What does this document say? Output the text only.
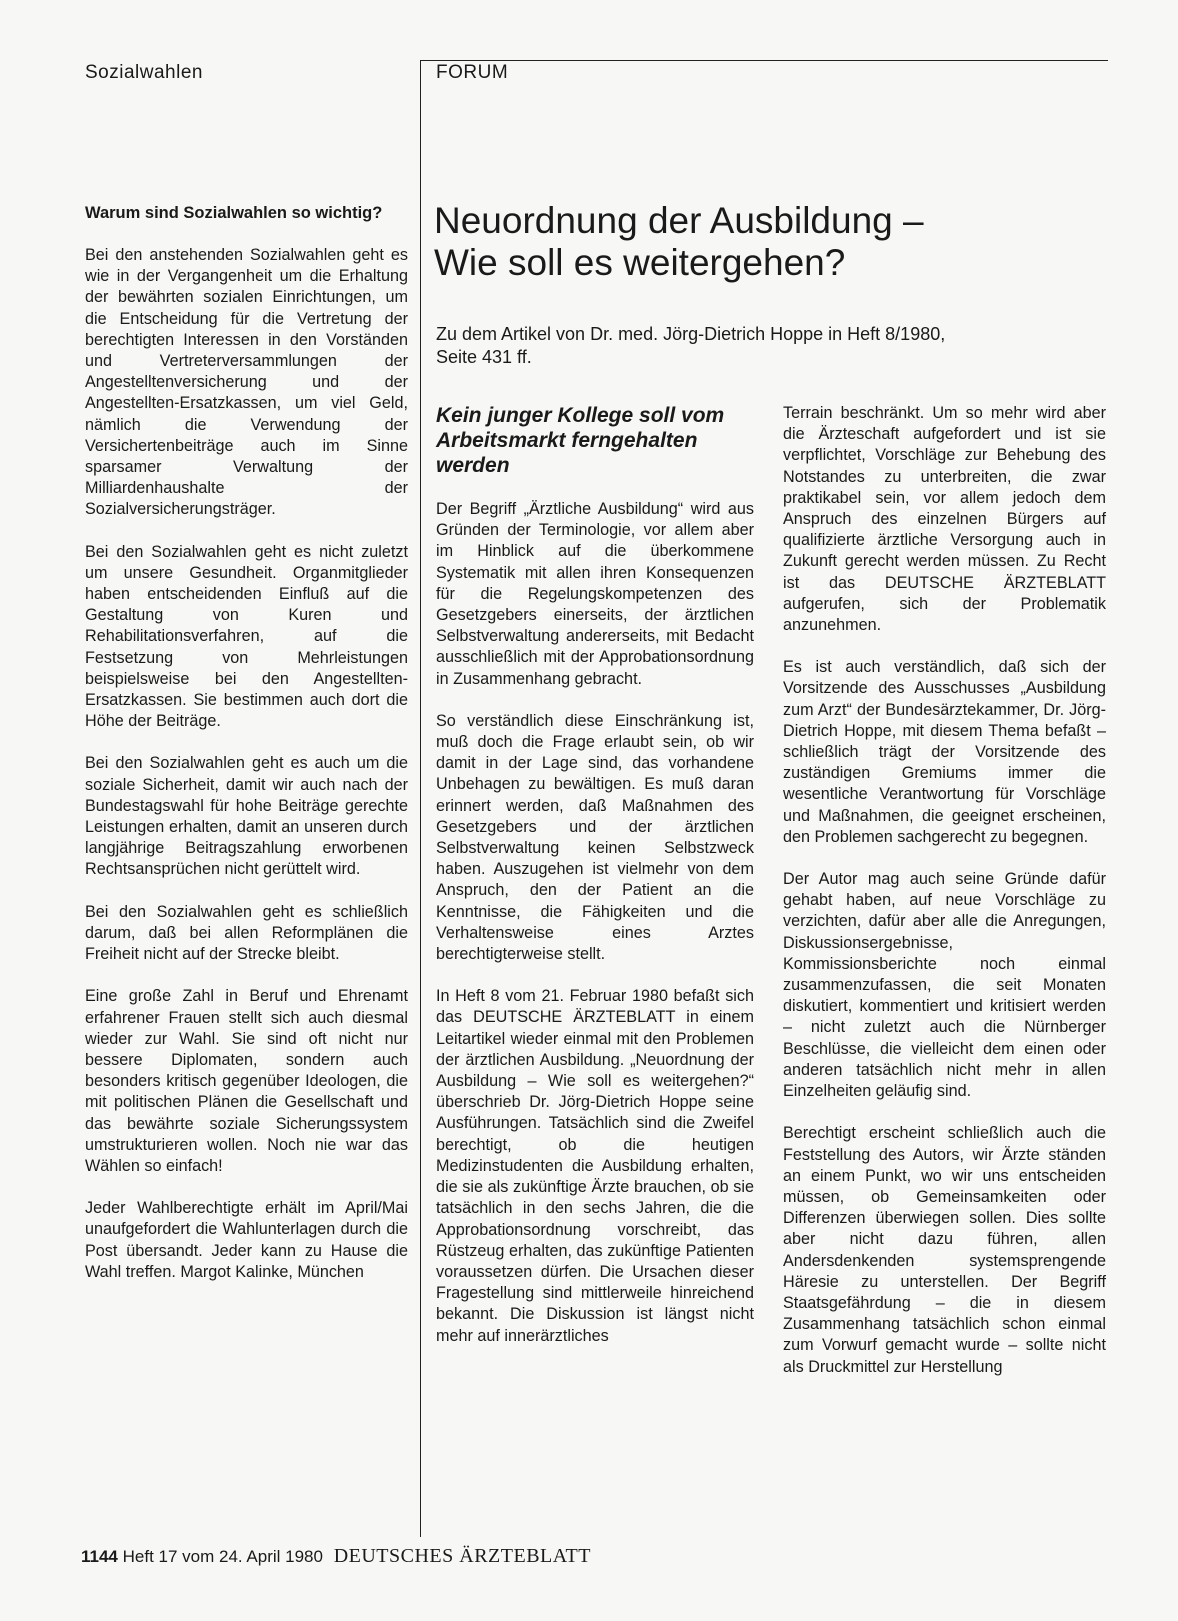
Sozialwahlen	FORUM

Warum sind Sozialwahlen so wichtig?

Bei den anstehenden Sozialwahlen geht es wie in der Vergangenheit um die Erhaltung der bewährten sozialen Einrichtungen, um die Entscheidung für die Vertretung der berechtigten Interessen in den Vorständen und Vertreterversammlungen der Angestelltenversicherung und der Angestellten-Ersatzkassen, um viel Geld, nämlich die Verwendung der Versichertenbeiträge auch im Sinne sparsamer Verwaltung der Milliardenhaushalte der Sozialversicherungsträger.

Bei den Sozialwahlen geht es nicht zuletzt um unsere Gesundheit. Organmitglieder haben entscheidenden Einfluß auf die Gestaltung von Kuren und Rehabilitationsverfahren, auf die Festsetzung von Mehrleistungen beispielsweise bei den Angestellten-Ersatzkassen. Sie bestimmen auch dort die Höhe der Beiträge.

Bei den Sozialwahlen geht es auch um die soziale Sicherheit, damit wir auch nach der Bundestagswahl für hohe Beiträge gerechte Leistungen erhalten, damit an unseren durch langjährige Beitragszahlung erworbenen Rechtsansprüchen nicht gerüttelt wird.

Bei den Sozialwahlen geht es schließlich darum, daß bei allen Reformplänen die Freiheit nicht auf der Strecke bleibt.

Eine große Zahl in Beruf und Ehrenamt erfahrener Frauen stellt sich auch diesmal wieder zur Wahl. Sie sind oft nicht nur bessere Diplomaten, sondern auch besonders kritisch gegenüber Ideologen, die mit politischen Plänen die Gesellschaft und das bewährte soziale Sicherungssystem umstrukturieren wollen. Noch nie war das Wählen so einfach!

Jeder Wahlberechtigte erhält im April/Mai unaufgefordert die Wahlunterlagen durch die Post übersandt. Jeder kann zu Hause die Wahl treffen. Margot Kalinke, München

Neuordnung der Ausbildung –
Wie soll es weitergehen?

Zu dem Artikel von Dr. med. Jörg-Dietrich Hoppe in Heft 8/1980,
Seite 431 ff.

Kein junger Kollege soll vom Arbeitsmarkt ferngehalten werden

Der Begriff „Ärztliche Ausbildung“ wird aus Gründen der Terminologie, vor allem aber im Hinblick auf die überkommene Systematik mit allen ihren Konsequenzen für die Regelungskompetenzen des Gesetzgebers einerseits, der ärztlichen Selbstverwaltung andererseits, mit Bedacht ausschließlich mit der Approbationsordnung in Zusammenhang gebracht.

So verständlich diese Einschränkung ist, muß doch die Frage erlaubt sein, ob wir damit in der Lage sind, das vorhandene Unbehagen zu bewältigen. Es muß daran erinnert werden, daß Maßnahmen des Gesetzgebers und der ärztlichen Selbstverwaltung keinen Selbstzweck haben. Auszugehen ist vielmehr von dem Anspruch, den der Patient an die Kenntnisse, die Fähigkeiten und die Verhaltensweise eines Arztes berechtigterweise stellt.

In Heft 8 vom 21. Februar 1980 befaßt sich das DEUTSCHE ÄRZTEBLATT in einem Leitartikel wieder einmal mit den Problemen der ärztlichen Ausbildung. „Neuordnung der Ausbildung – Wie soll es weitergehen?“ überschrieb Dr. Jörg-Dietrich Hoppe seine Ausführungen. Tatsächlich sind die Zweifel berechtigt, ob die heutigen Medizinstudenten die Ausbildung erhalten, die sie als zukünftige Ärzte brauchen, ob sie tatsächlich in den sechs Jahren, die die Approbationsordnung vorschreibt, das Rüstzeug erhalten, das zukünftige Patienten voraussetzen dürfen. Die Ursachen dieser Fragestellung sind mittlerweile hinreichend bekannt. Die Diskussion ist längst nicht mehr auf innerärztliches

Terrain beschränkt. Um so mehr wird aber die Ärzteschaft aufgefordert und ist sie verpflichtet, Vorschläge zur Behebung des Notstandes zu unterbreiten, die zwar praktikabel sein, vor allem jedoch dem Anspruch des einzelnen Bürgers auf qualifizierte ärztliche Versorgung auch in Zukunft gerecht werden müssen. Zu Recht ist das DEUTSCHE ÄRZTEBLATT aufgerufen, sich der Problematik anzunehmen.

Es ist auch verständlich, daß sich der Vorsitzende des Ausschusses „Ausbildung zum Arzt“ der Bundesärztekammer, Dr. Jörg-Dietrich Hoppe, mit diesem Thema befaßt – schließlich trägt der Vorsitzende des zuständigen Gremiums immer die wesentliche Verantwortung für Vorschläge und Maßnahmen, die geeignet erscheinen, den Problemen sachgerecht zu begegnen.

Der Autor mag auch seine Gründe dafür gehabt haben, auf neue Vorschläge zu verzichten, dafür aber alle die Anregungen, Diskussionsergebnisse, Kommissionsberichte noch einmal zusammenzufassen, die seit Monaten diskutiert, kommentiert und kritisiert werden – nicht zuletzt auch die Nürnberger Beschlüsse, die vielleicht dem einen oder anderen tatsächlich nicht mehr in allen Einzelheiten geläufig sind.

Berechtigt erscheint schließlich auch die Feststellung des Autors, wir Ärzte ständen an einem Punkt, wo wir uns entscheiden müssen, ob Gemeinsamkeiten oder Differenzen überwiegen sollen. Dies sollte aber nicht dazu führen, allen Andersdenkenden systemsprengende Häresie zu unterstellen. Der Begriff Staatsgefährdung – die in diesem Zusammenhang tatsächlich schon einmal zum Vorwurf gemacht wurde – sollte nicht als Druckmittel zur Herstellung

1144 Heft 17 vom 24. April 1980 DEUTSCHES ÄRZTEBLATT
